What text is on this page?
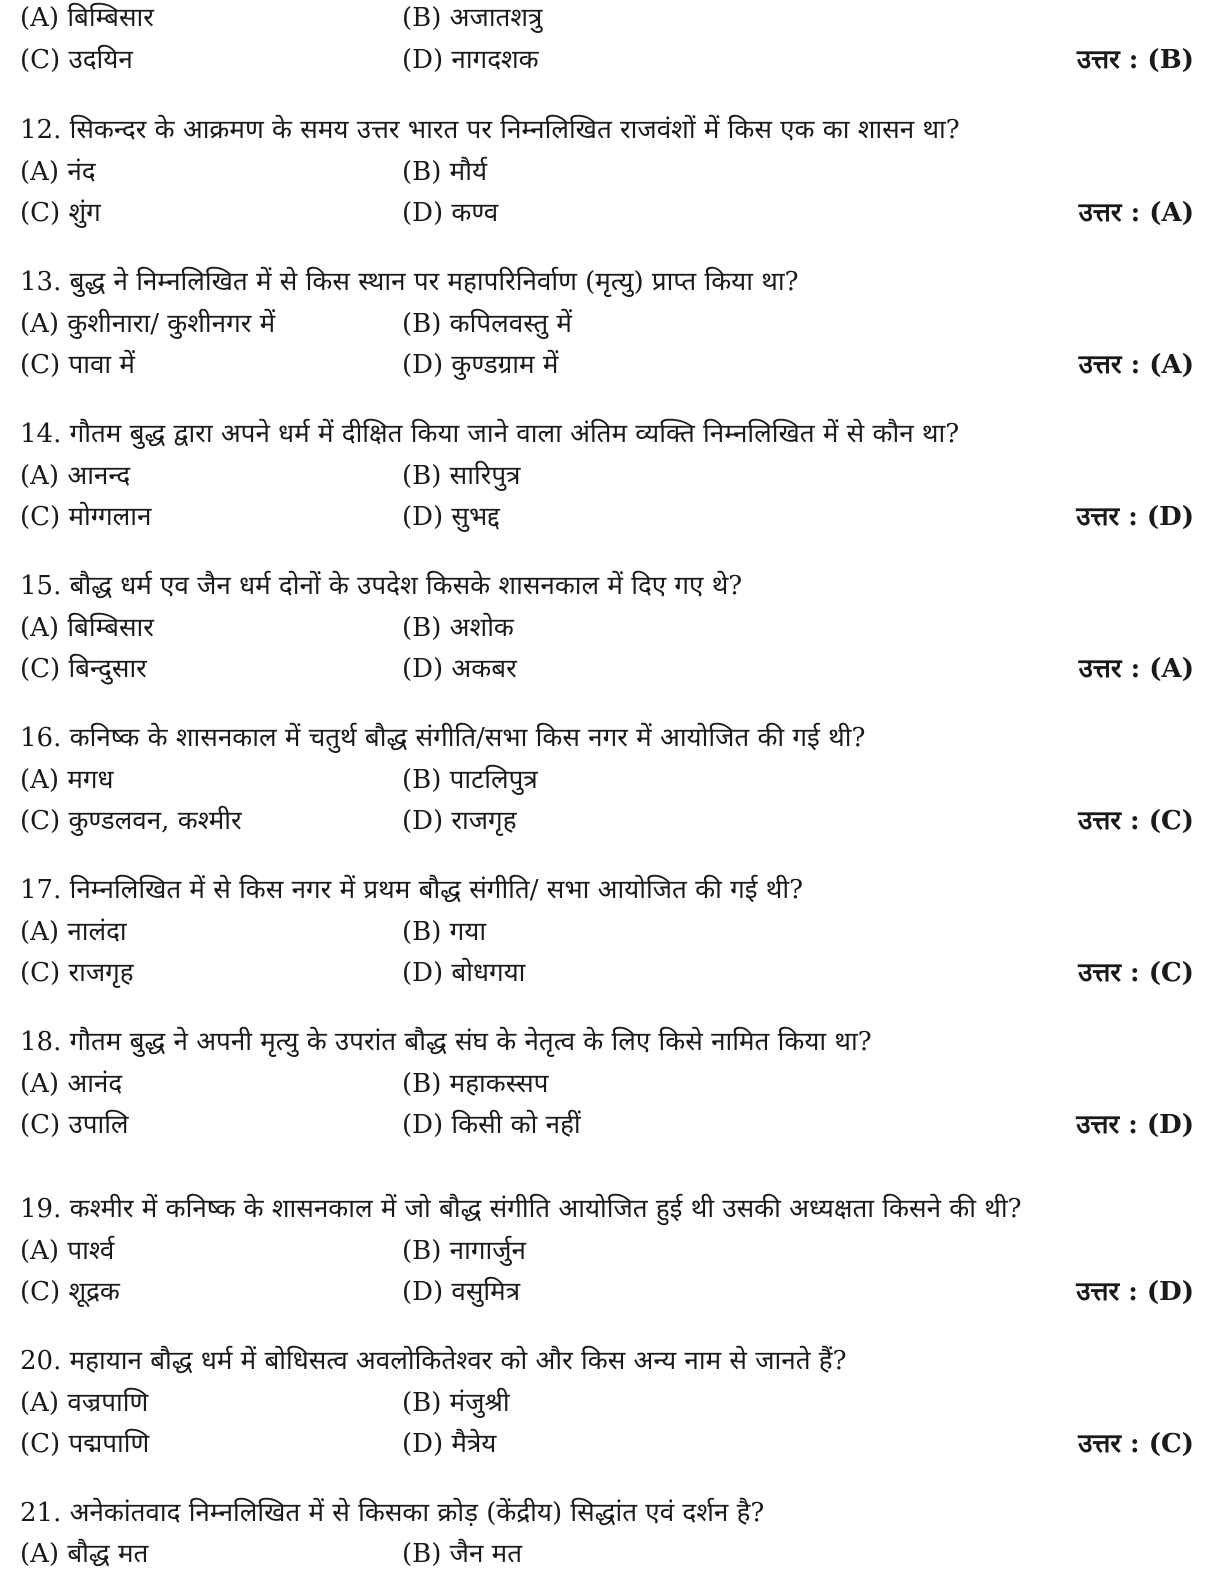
(A) बिम्बिसार	(B) अजातशत्रु
(C) उदयिन	(D) नागदशक	उत्तर : (B)
12. सिकन्दर के आक्रमण के समय उत्तर भारत पर निम्नलिखित राजवंशों में किस एक का शासन था?
(A) नंद	(B) मौर्य
(C) शुंग	(D) कण्व	उत्तर : (A)
13. बुद्ध ने निम्नलिखित में से किस स्थान पर महापरिनिर्वाण (मृत्यु) प्राप्त किया था?
(A) कुशीनारा/ कुशीनगर में	(B) कपिलवस्तु में
(C) पावा में	(D) कुण्डग्राम में	उत्तर : (A)
14. गौतम बुद्ध द्वारा अपने धर्म में दीक्षित किया जाने वाला अंतिम व्यक्ति निम्नलिखित में से कौन था?
(A) आनन्द	(B) सारिपुत्र
(C) मोग्गलान	(D) सुभद्द	उत्तर : (D)
15. बौद्ध धर्म एव जैन धर्म दोनों के उपदेश किसके शासनकाल में दिए गए थे?
(A) बिम्बिसार	(B) अशोक
(C) बिन्दुसार	(D) अकबर	उत्तर : (A)
16. कनिष्क के शासनकाल में चतुर्थ बौद्ध संगीति/सभा किस नगर में आयोजित की गई थी?
(A) मगध	(B) पाटलिपुत्र
(C) कुण्डलवन, कश्मीर	(D) राजगृह	उत्तर : (C)
17. निम्नलिखित में से किस नगर में प्रथम बौद्ध संगीति/ सभा आयोजित की गई थी?
(A) नालंदा	(B) गया
(C) राजगृह	(D) बोधगया	उत्तर : (C)
18. गौतम बुद्ध ने अपनी मृत्यु के उपरांत बौद्ध संघ के नेतृत्व के लिए किसे नामित किया था?
(A) आनंद	(B) महाकस्सप
(C) उपालि	(D) किसी को नहीं	उत्तर : (D)
19. कश्मीर में कनिष्क के शासनकाल में जो बौद्ध संगीति आयोजित हुई थी उसकी अध्यक्षता किसने की थी?
(A) पार्श्व	(B) नागार्जुन
(C) शूद्रक	(D) वसुमित्र	उत्तर : (D)
20. महायान बौद्ध धर्म में बोधिसत्व अवलोकितेश्वर को और किस अन्य नाम से जानते हैं?
(A) वज्रपाणि	(B) मंजुश्री
(C) पद्मपाणि	(D) मैत्रेय	उत्तर : (C)
21. अनेकांतवाद निम्नलिखित में से किसका क्रोड़ (केंद्रीय) सिद्धांत एवं दर्शन है?
(A) बौद्ध मत	(B) जैन मत
